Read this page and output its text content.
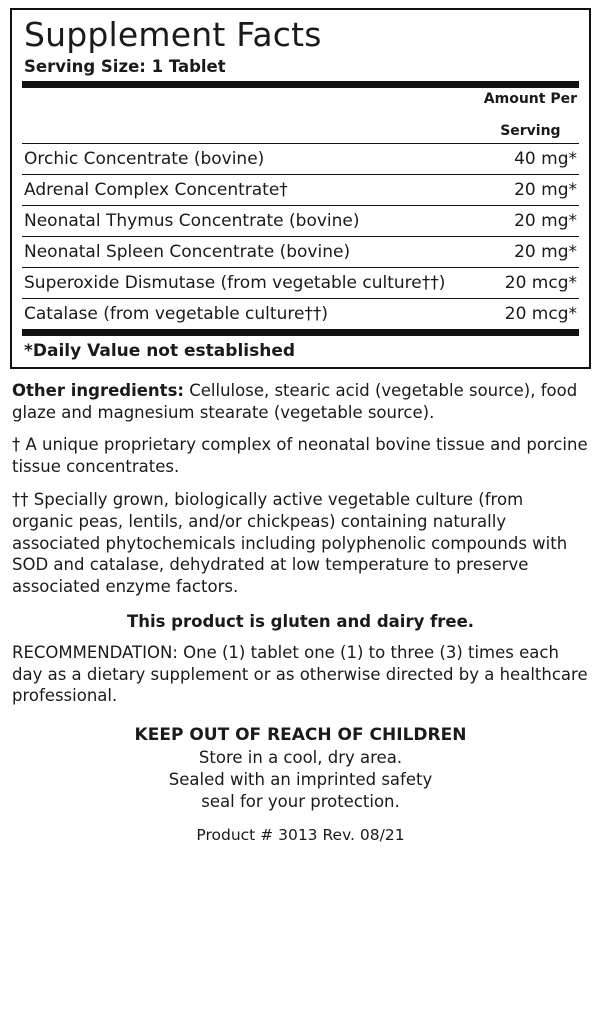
Supplement Facts
Serving Size: 1 Tablet
Amount Per

Serving
Orchic Concentrate (bovine)	40 mg*
Adrenal Complex Concentrate†	20 mg*
Neonatal Thymus Concentrate (bovine)	20 mg*
Neonatal Spleen Concentrate (bovine)	20 mg*
Superoxide Dismutase (from vegetable culture††)	20 mcg*
Catalase (from vegetable culture††)	20 mcg*
*Daily Value not established

Other ingredients: Cellulose, stearic acid (vegetable source), food glaze and magnesium stearate (vegetable source).

† A unique proprietary complex of neonatal bovine tissue and porcine tissue concentrates.

†† Specially grown, biologically active vegetable culture (from organic peas, lentils, and/or chickpeas) containing naturally associated phytochemicals including polyphenolic compounds with SOD and catalase, dehydrated at low temperature to preserve associated enzyme factors.

This product is gluten and dairy free.

RECOMMENDATION: One (1) tablet one (1) to three (3) times each day as a dietary supplement or as otherwise directed by a healthcare professional.

KEEP OUT OF REACH OF CHILDREN

Store in a cool, dry area.
Sealed with an imprinted safety
seal for your protection.

Product # 3013 Rev. 08/21
